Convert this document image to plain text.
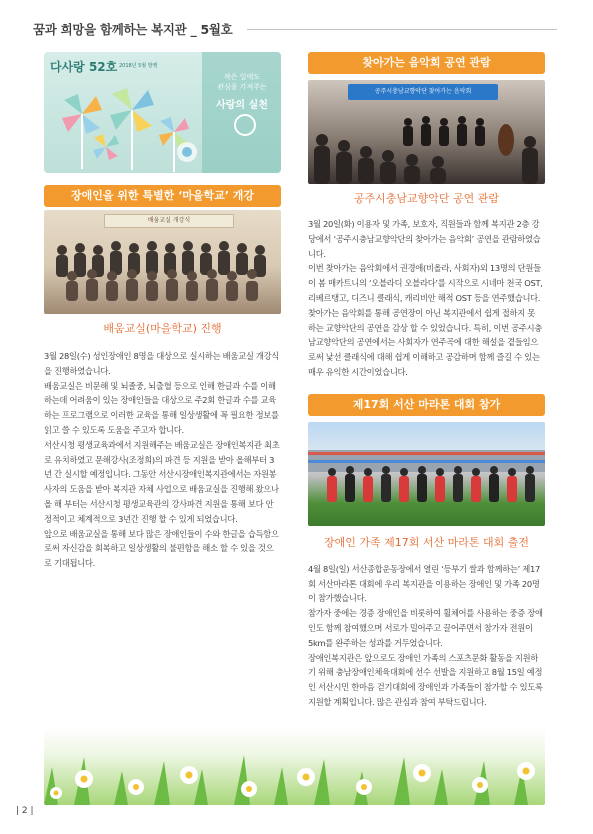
꿈과 희망을 함께하는 복지관 _ 5월호
다사랑 52호 2018년 5월 발행
작은 일에도
관심을 가져주는
사랑의 실천
장애인을 위한 특별한 ‘마을학교’ 개강
배움교실 개강식
배움교실(마을학교) 진행

3월 28일(수) 성인장애인 8명을 대상으로 실시하는 배움교실 개강식을 진행하였습니다.

배움교실은 비문해 및 뇌졸중, 뇌출혈 등으로 인해 한글과 수를 이해하는데 어려움이 있는 장애인들을 대상으로 주2회 한글과 수를 교육하는 프로그램으로 이러한 교육을 통해 일상생활에 꼭 필요한 정보를 읽고 쓸 수 있도록 도움을 주고자 합니다.

서산시청 평생교육과에서 지원해주는 배움교실은 장애인복지관 최초로 유치하였고 문해강사(조정희)의 파견 등 지원을 받아 올해부터 3년 간 실시할 예정입니다. 그동안 서산시장애인복지관에서는 자원봉사자의 도움을 받아 복지관 자체 사업으로 배움교실을 진행해 왔으나 올 해 부터는 서산시청 평생교육관의 강사파견 지원을 통해 보다 안정적이고 체계적으로 3년간 진행 할 수 있게 되었습니다.

앞으로 배움교실을 통해 보다 많은 장애인들이 수와 한글을 습득함으로써 자신감을 회복하고 일상생활의 불편함을 해소 할 수 있을 것으로 기대됩니다.

찾아가는 음악회 공연 관람
공주시충남교향악단 찾아가는 음악회
공주시충남교향악단 공연 관람

3월 20일(화) 이용자 및 가족, 보호자, 직원들과 함께 복지관 2층 강당에서 ‘공주시충남교향악단의 찾아가는 음악회’ 공연을 관람하였습니다.

이번 찾아가는 음악회에서 권경애(비올라, 사회자)외 13명의 단원들이 봄 매카트니의 ‘오블라디 오블라다’를 시작으로 시네마 천국 OST, 리베르탱고, 디즈니 클래식, 캐리비안 해적 OST 등을 연주했습니다.

찾아가는 음악회를 통해 공연장이 아닌 복지관에서 쉽게 접하지 못 하는 교향악단의 공연을 감상 할 수 있었습니다. 특히, 이번 공주시충남교향악단의 공연에서는 사회자가 연주곡에 대한 해설을 곁들임으로써 낯선 클래식에 대해 쉽게 이해하고 공감하며 함께 즐길 수 있는 매우 유익한 시간이었습니다.

제17회 서산 마라톤 대회 참가
장애인 가족 제17회 서산 마라톤 대회 출전

4월 8일(일) 서산종합운동장에서 열린 ‘등부기 쌀과 함께하는’ 제17회 서산마라톤 대회에 우리 복지관을 이용하는 장애인 및 가족 20명이 참가했습니다.

참가자 중에는 경증 장애인을 비롯하여 휠체어를 사용하는 중증 장애인도 함께 참여했으며 서로가 밀어주고 끌어주면서 참가자 전원이 5km를 완주하는 성과를 거두었습니다.

장애인복지관은 앞으로도 장애인 가족의 스포츠문화 활동을 지원하기 위해 충남장애인체육대회에 선수 선발을 지원하고 8월 15일 예정인 서산시민 한마음 걷기대회에 장애인과 가족들이 참가할 수 있도록 지원할 계획입니다. 많은 관심과 참여 부탁드립니다.

| 2 |
